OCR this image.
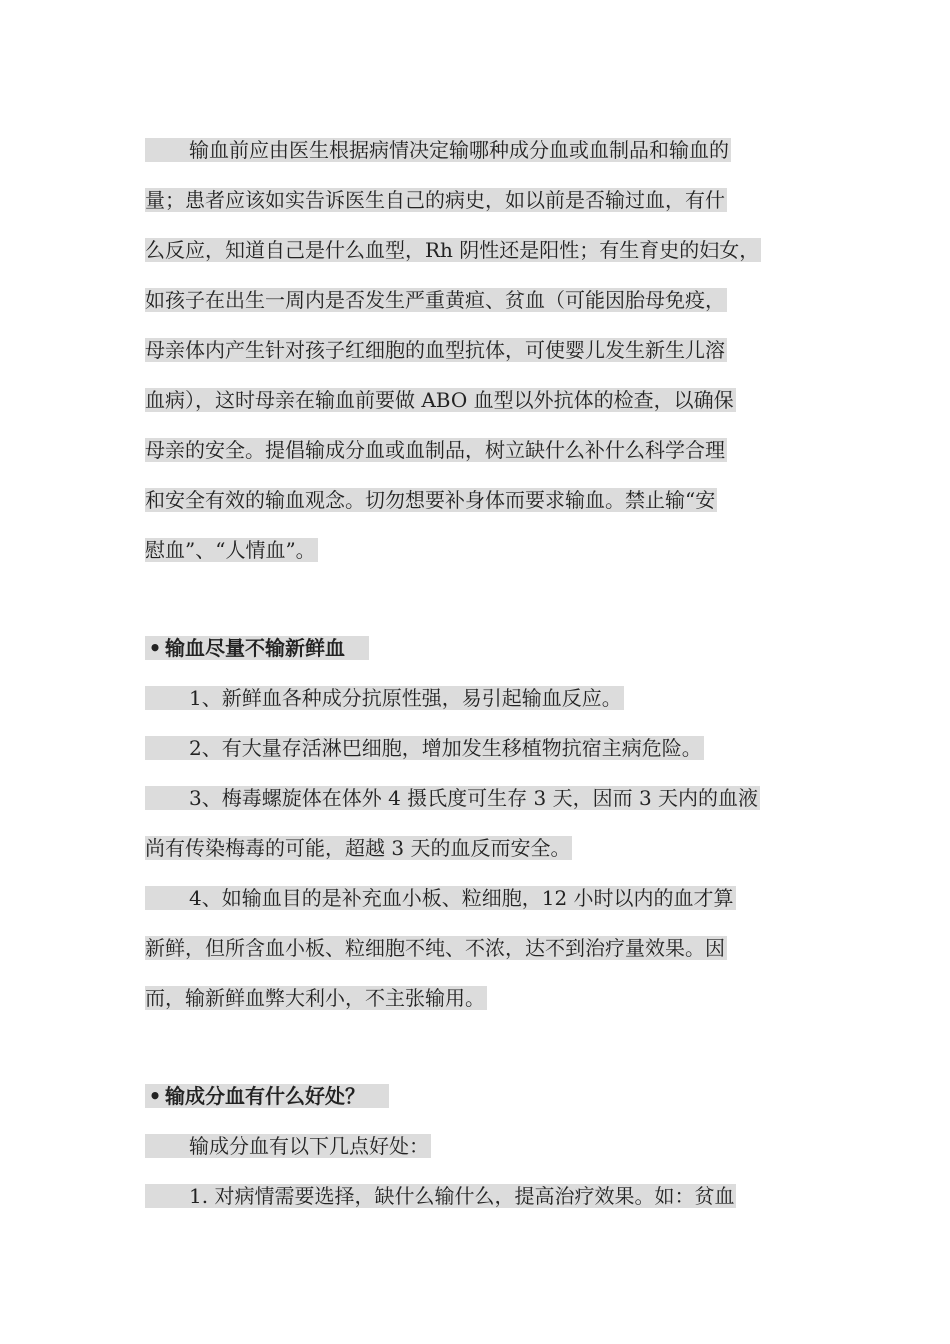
输血前应由医生根据病情决定输哪种成分血或血制品和输血的
量；患者应该如实告诉医生自己的病史，如以前是否输过血，有什
么反应，知道自己是什么血型，Rh 阴性还是阳性；有生育史的妇女，
如孩子在出生一周内是否发生严重黄疸、贫血（可能因胎母免疫，
母亲体内产生针对孩子红细胞的血型抗体，可使婴儿发生新生儿溶
血病），这时母亲在输血前要做 ABO 血型以外抗体的检查，以确保
母亲的安全。提倡输成分血或血制品，树立缺什么补什么科学合理
和安全有效的输血观念。切勿想要补身体而要求输血。禁止输“安
慰血”、“人情血”。
• 输血尽量不输新鲜血
1、新鲜血各种成分抗原性强，易引起输血反应。
2、有大量存活淋巴细胞，增加发生移植物抗宿主病危险。
3、梅毒螺旋体在体外 4 摄氏度可生存 3 天，因而 3 天内的血液
尚有传染梅毒的可能，超越 3 天的血反而安全。
4、如输血目的是补充血小板、粒细胞，12 小时以内的血才算
新鲜，但所含血小板、粒细胞不纯、不浓，达不到治疗量效果。因
而，输新鲜血弊大利小，不主张输用。
• 输成分血有什么好处？
输成分血有以下几点好处：
1. 对病情需要选择，缺什么输什么，提高治疗效果。如：贫血
